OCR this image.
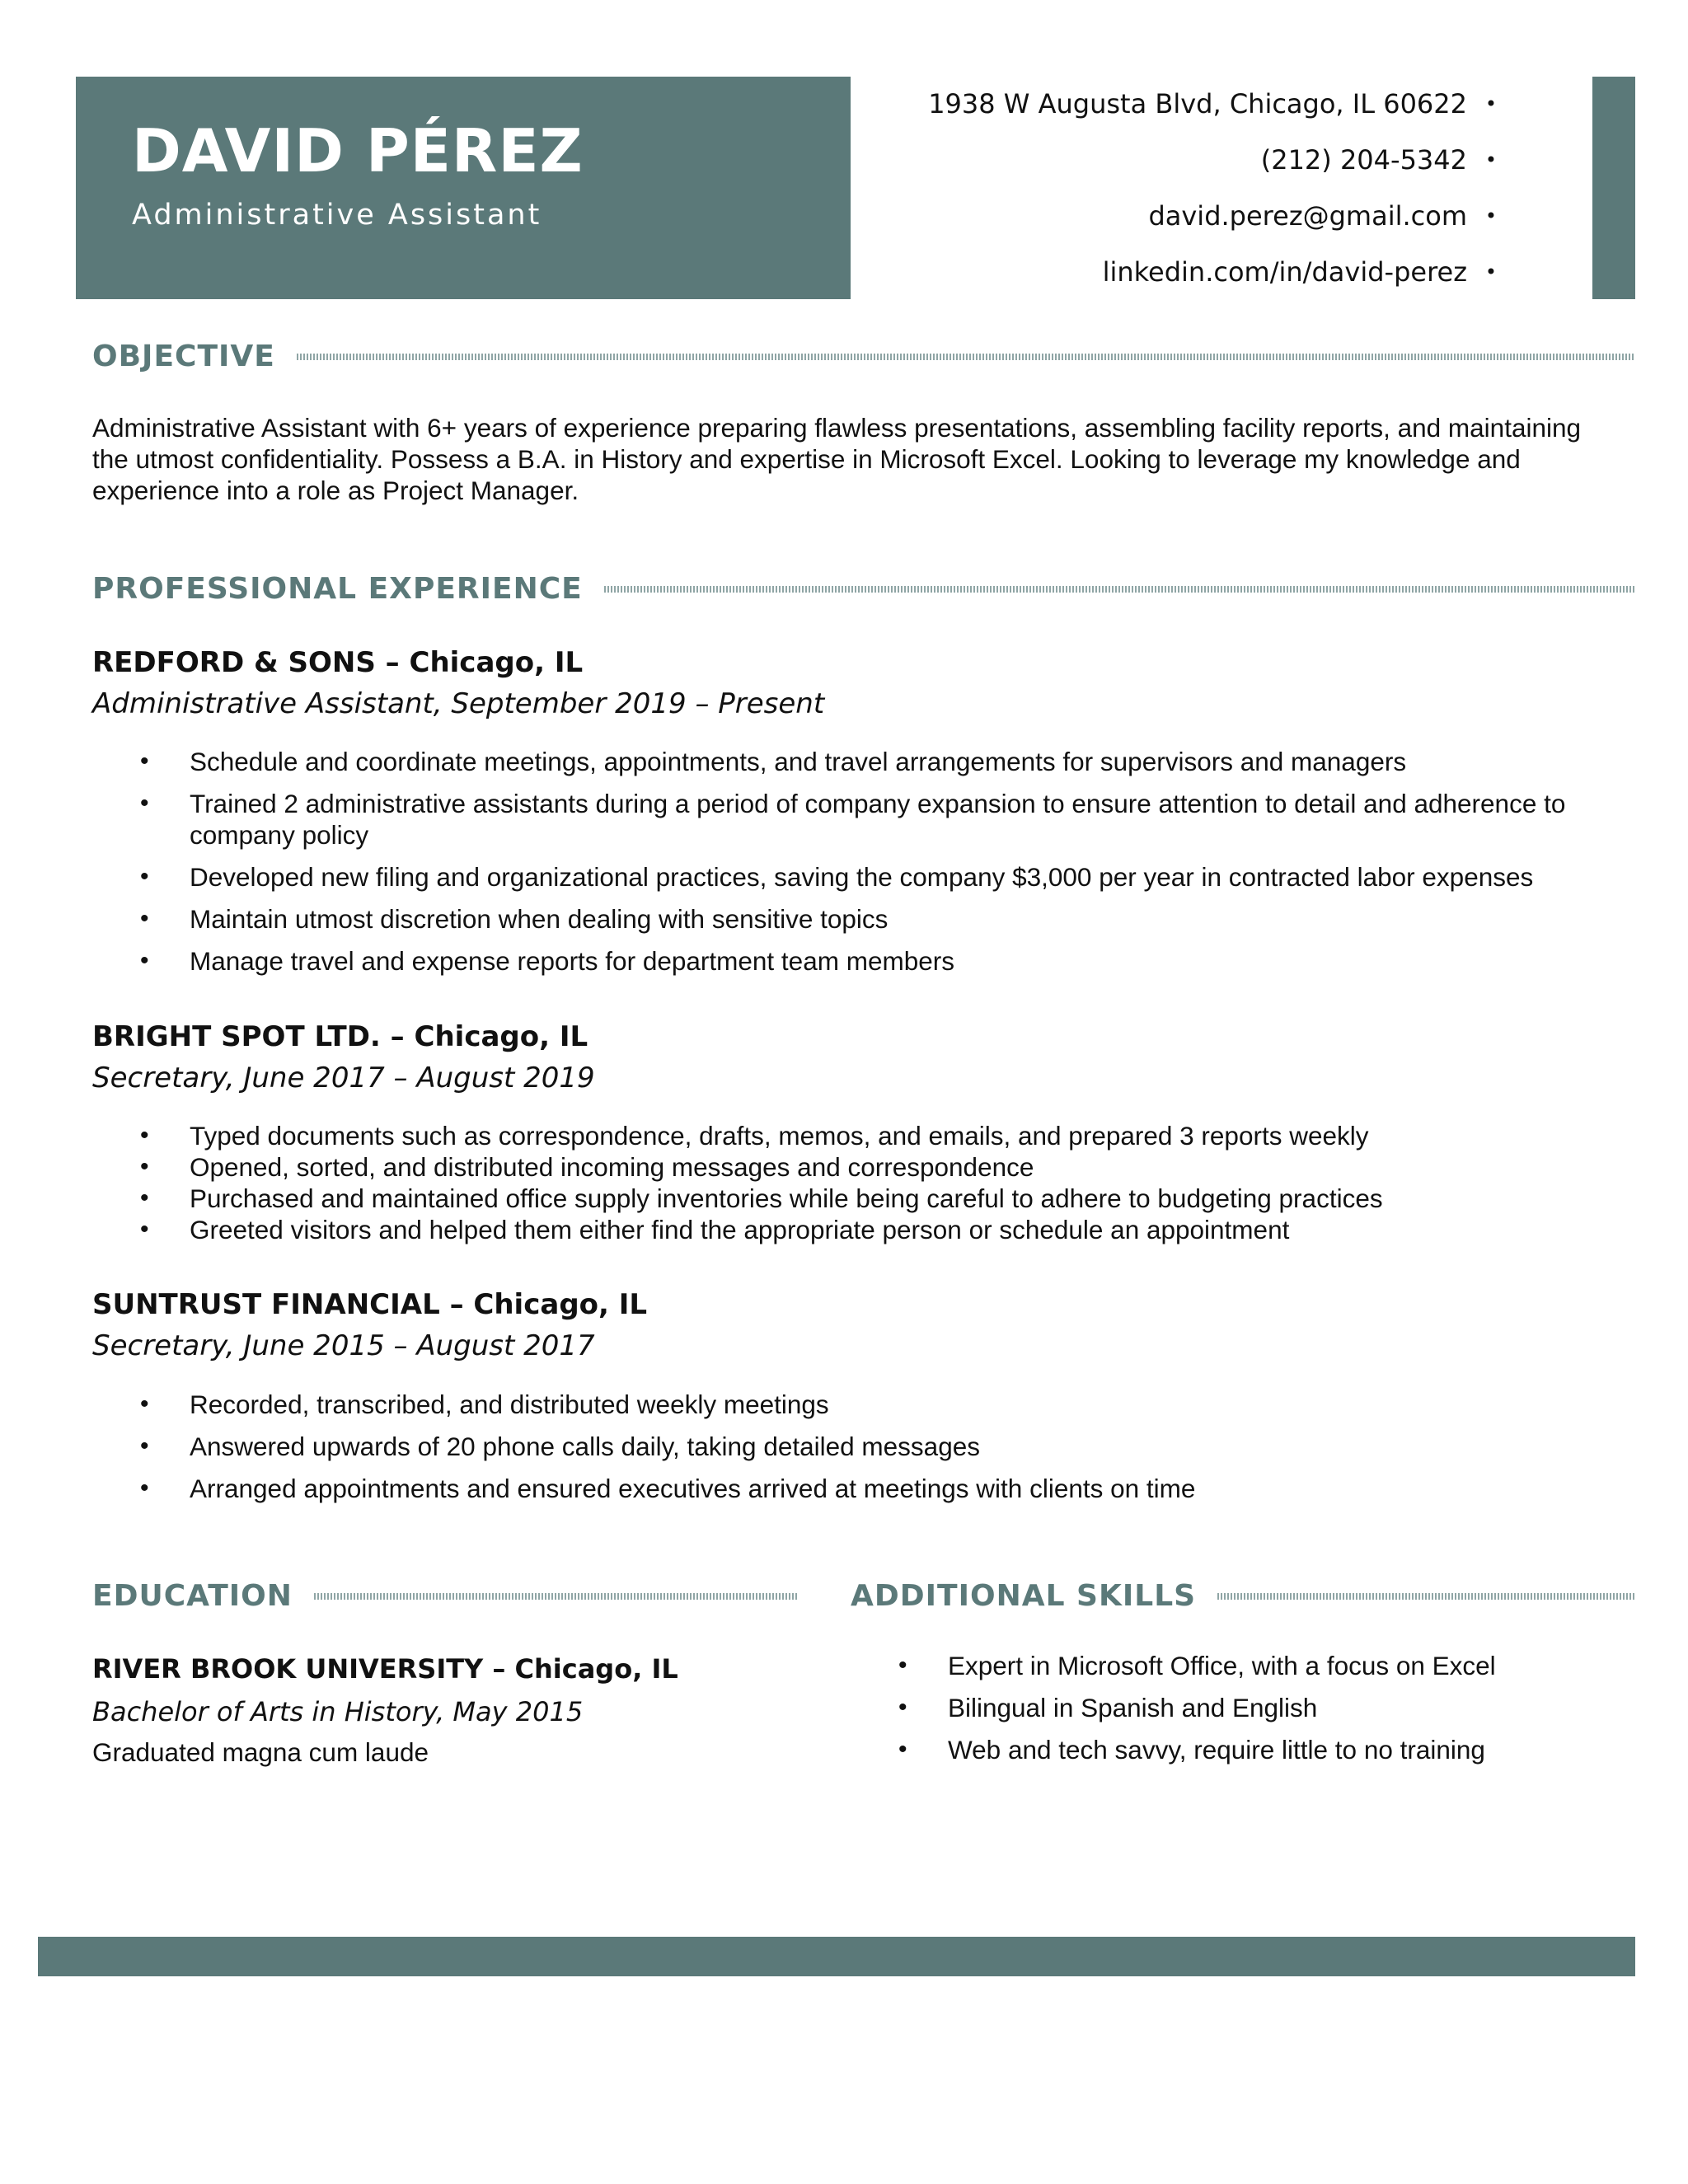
DAVID PÉREZ
Administrative Assistant
1938 W Augusta Blvd, Chicago, IL 60622 •
(212) 204-5342 •
david.perez@gmail.com •
linkedin.com/in/david-perez •
OBJECTIVE
Administrative Assistant with 6+ years of experience preparing flawless presentations, assembling facility reports, and maintaining the utmost confidentiality. Possess a B.A. in History and expertise in Microsoft Excel. Looking to leverage my knowledge and experience into a role as Project Manager.
PROFESSIONAL EXPERIENCE
REDFORD & SONS – Chicago, IL
Administrative Assistant, September 2019 – Present
• Schedule and coordinate meetings, appointments, and travel arrangements for supervisors and managers
• Trained 2 administrative assistants during a period of company expansion to ensure attention to detail and adherence to company policy
• Developed new filing and organizational practices, saving the company $3,000 per year in contracted labor expenses
• Maintain utmost discretion when dealing with sensitive topics
• Manage travel and expense reports for department team members
BRIGHT SPOT LTD. – Chicago, IL
Secretary, June 2017 – August 2019
• Typed documents such as correspondence, drafts, memos, and emails, and prepared 3 reports weekly
• Opened, sorted, and distributed incoming messages and correspondence
• Purchased and maintained office supply inventories while being careful to adhere to budgeting practices
• Greeted visitors and helped them either find the appropriate person or schedule an appointment
SUNTRUST FINANCIAL – Chicago, IL
Secretary, June 2015 – August 2017
• Recorded, transcribed, and distributed weekly meetings
• Answered upwards of 20 phone calls daily, taking detailed messages
• Arranged appointments and ensured executives arrived at meetings with clients on time
EDUCATION
RIVER BROOK UNIVERSITY – Chicago, IL
Bachelor of Arts in History, May 2015
Graduated magna cum laude
ADDITIONAL SKILLS
• Expert in Microsoft Office, with a focus on Excel
• Bilingual in Spanish and English
• Web and tech savvy, require little to no training
